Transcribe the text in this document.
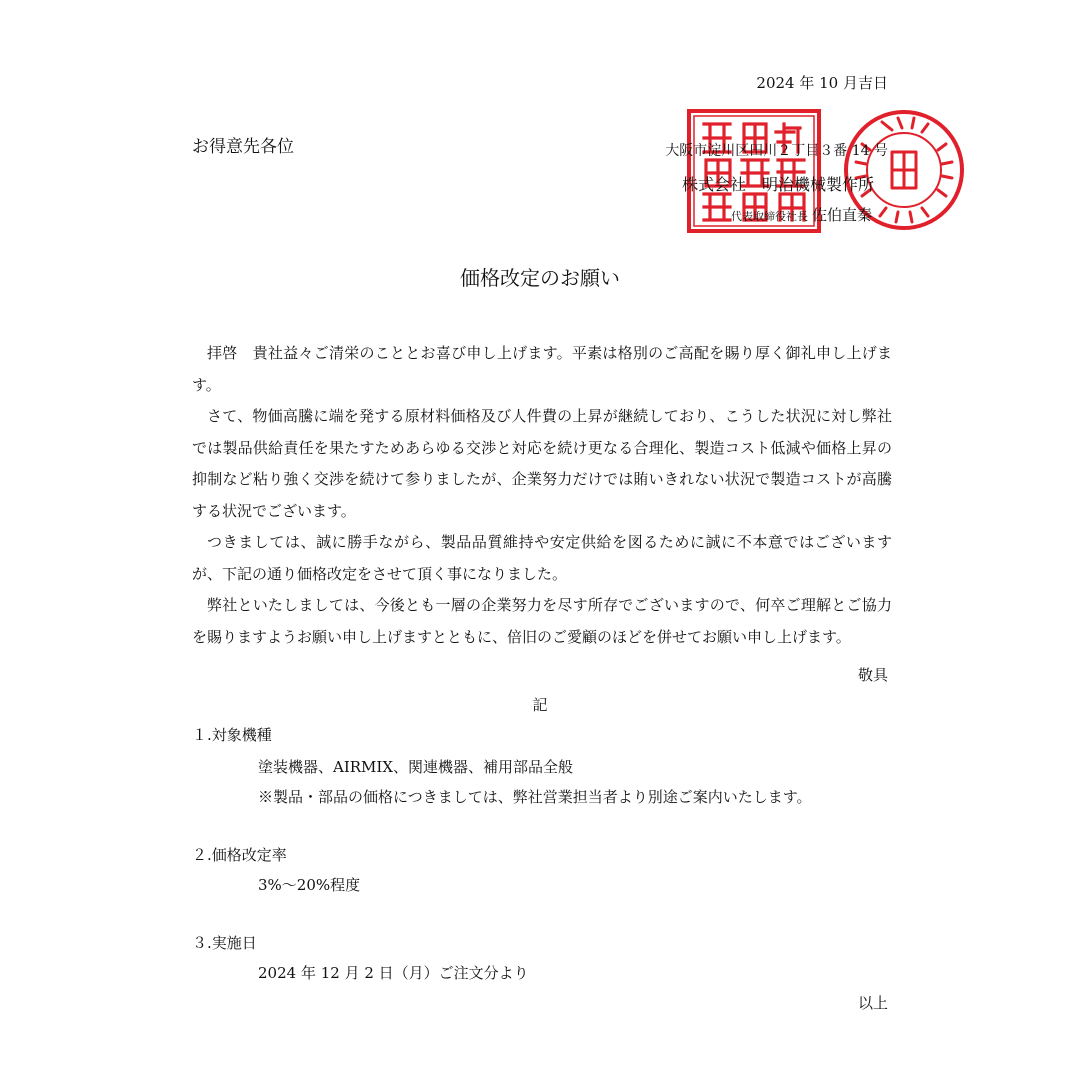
2024 年 10 月吉日
お得意先各位	大阪市淀川区田川２丁目３番 14 号
株式会社　明治機械製作所
代表取締役社長 佐伯直秦
価格改定のお願い

拝啓　貴社益々ご清栄のこととお喜び申し上げます。平素は格別のご高配を賜り厚く御礼申し上げます。

さて、物価高騰に端を発する原材料価格及び人件費の上昇が継続しており、こうした状況に対し弊社では製品供給責任を果たすためあらゆる交渉と対応を続け更なる合理化、製造コスト低減や価格上昇の抑制など粘り強く交渉を続けて参りましたが、企業努力だけでは賄いきれない状況で製造コストが高騰する状況でございます。

つきましては、誠に勝手ながら、製品品質維持や安定供給を図るために誠に不本意ではございますが、下記の通り価格改定をさせて頂く事になりました。

弊社といたしましては、今後とも一層の企業努力を尽す所存でございますので、何卒ご理解とご協力を賜りますようお願い申し上げますとともに、倍旧のご愛顧のほどを併せてお願い申し上げます。

敬具
記
１.対象機種
塗装機器、AIRMIX、関連機器、補用部品全般
※製品・部品の価格につきましては、弊社営業担当者より別途ご案内いたします。
２.価格改定率
3%～20%程度
３.実施日
2024 年 12 月 2 日（月）ご注文分より
以上
